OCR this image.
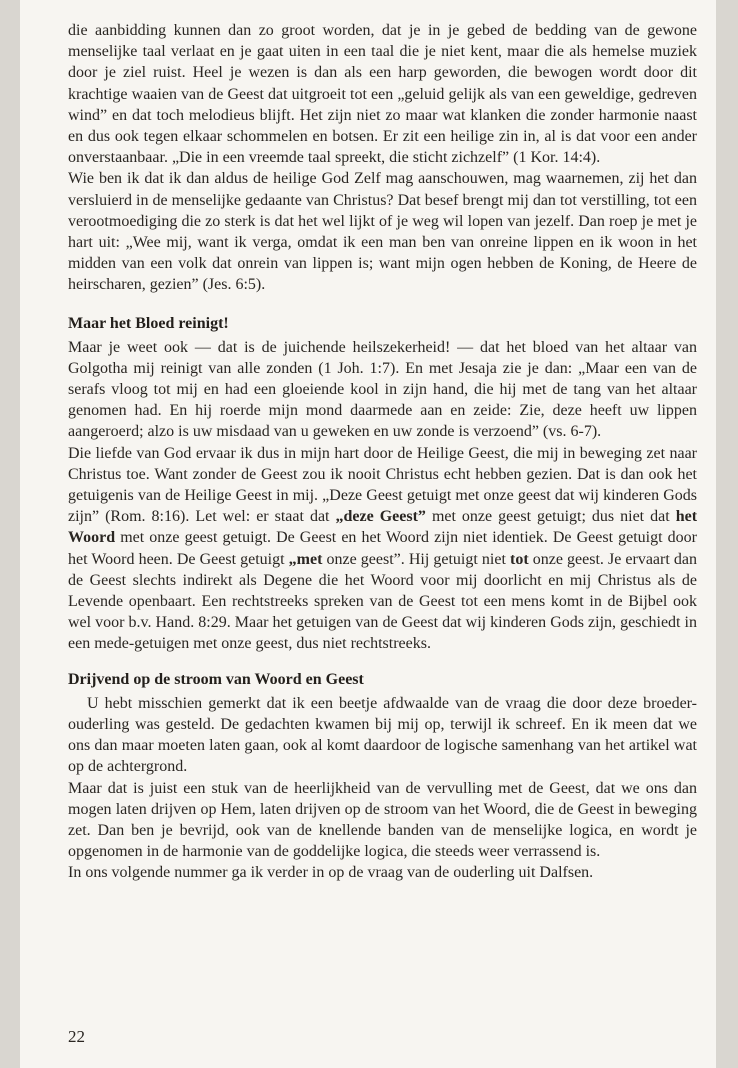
die aanbidding kunnen dan zo groot worden, dat je in je gebed de bedding van de gewone menselijke taal verlaat en je gaat uiten in een taal die je niet kent, maar die als hemelse muziek door je ziel ruist. Heel je wezen is dan als een harp geworden, die bewogen wordt door dit krachtige waaien van de Geest dat uitgroeit tot een „geluid gelijk als van een geweldige, gedreven wind” en dat toch melodieus blijft. Het zijn niet zo maar wat klanken die zonder harmonie naast en dus ook tegen elkaar schommelen en botsen. Er zit een heilige zin in, al is dat voor een ander onverstaanbaar. „Die in een vreemde taal spreekt, die sticht zichzelf” (1 Kor. 14:4).

Wie ben ik dat ik dan aldus de heilige God Zelf mag aanschouwen, mag waarnemen, zij het dan versluierd in de menselijke gedaante van Christus? Dat besef brengt mij dan tot verstilling, tot een verootmoediging die zo sterk is dat het wel lijkt of je weg wil lopen van jezelf. Dan roep je met je hart uit: „Wee mij, want ik verga, omdat ik een man ben van onreine lippen en ik woon in het midden van een volk dat onrein van lippen is; want mijn ogen hebben de Koning, de Heere de heirscharen, gezien” (Jes. 6:5).

Maar het Bloed reinigt!

Maar je weet ook — dat is de juichende heilszekerheid! — dat het bloed van het altaar van Golgotha mij reinigt van alle zonden (1 Joh. 1:7). En met Jesaja zie je dan: „Maar een van de serafs vloog tot mij en had een gloeiende kool in zijn hand, die hij met de tang van het altaar genomen had. En hij roerde mijn mond daarmede aan en zeide: Zie, deze heeft uw lippen aangeroerd; alzo is uw misdaad van u geweken en uw zonde is verzoend” (vs. 6-7).

Die liefde van God ervaar ik dus in mijn hart door de Heilige Geest, die mij in beweging zet naar Christus toe. Want zonder de Geest zou ik nooit Christus echt hebben gezien. Dat is dan ook het getuigenis van de Heilige Geest in mij. „Deze Geest getuigt met onze geest dat wij kinderen Gods zijn” (Rom. 8:16). Let wel: er staat dat „deze Geest” met onze geest getuigt; dus niet dat het Woord met onze geest getuigt. De Geest en het Woord zijn niet identiek. De Geest getuigt door het Woord heen. De Geest getuigt „met onze geest”. Hij getuigt niet tot onze geest. Je ervaart dan de Geest slechts indirekt als Degene die het Woord voor mij doorlicht en mij Christus als de Levende openbaart. Een rechtstreeks spreken van de Geest tot een mens komt in de Bijbel ook wel voor b.v. Hand. 8:29. Maar het getuigen van de Geest dat wij kinderen Gods zijn, geschiedt in een mede-getuigen met onze geest, dus niet rechtstreeks.

Drijvend op de stroom van Woord en Geest

U hebt misschien gemerkt dat ik een beetje afdwaalde van de vraag die door deze broeder-ouderling was gesteld. De gedachten kwamen bij mij op, terwijl ik schreef. En ik meen dat we ons dan maar moeten laten gaan, ook al komt daardoor de logische samenhang van het artikel wat op de achtergrond.

Maar dat is juist een stuk van de heerlijkheid van de vervulling met de Geest, dat we ons dan mogen laten drijven op Hem, laten drijven op de stroom van het Woord, die de Geest in beweging zet. Dan ben je bevrijd, ook van de knellende banden van de menselijke logica, en wordt je opgenomen in de harmonie van de goddelijke logica, die steeds weer verrassend is.

In ons volgende nummer ga ik verder in op de vraag van de ouderling uit Dalfsen.

22
